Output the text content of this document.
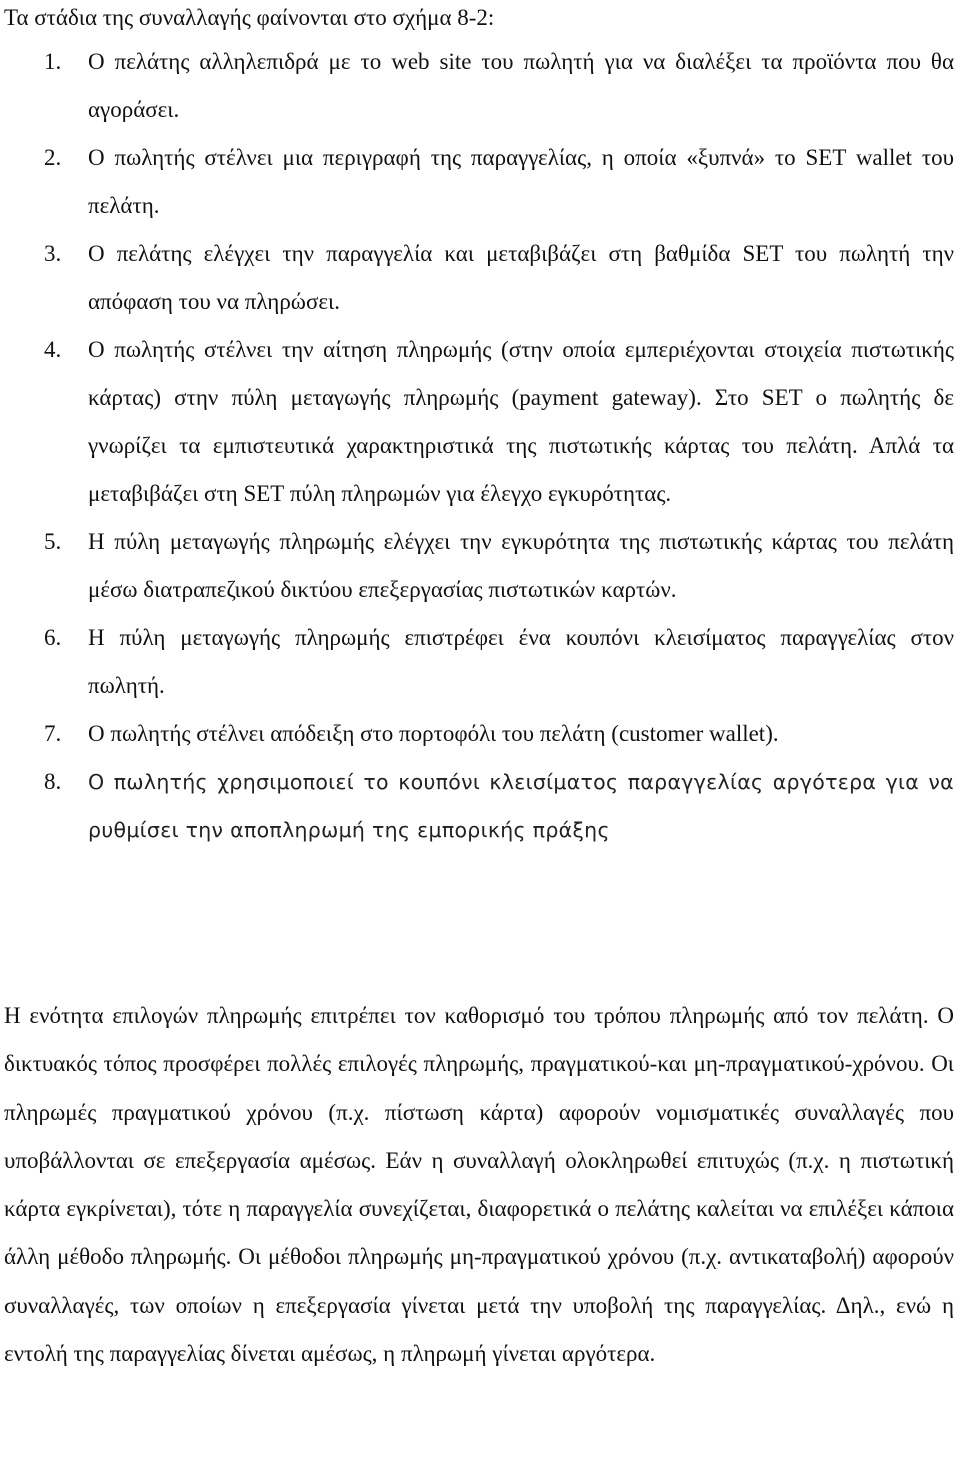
Τα στάδια της συναλλαγής φαίνονται στο σχήμα 8-2:
1.	Ο πελάτης αλληλεπιδρά με το web site του πωλητή για να διαλέξει τα προϊόντα που θα αγοράσει.
2.	Ο πωλητής στέλνει μια περιγραφή της παραγγελίας, η οποία «ξυπνά» το SET wallet του πελάτη.
3.	Ο πελάτης ελέγχει την παραγγελία και μεταβιβάζει στη βαθμίδα SET του πωλητή την απόφαση του να πληρώσει.
4.	Ο πωλητής στέλνει την αίτηση πληρωμής (στην οποία εμπεριέχονται στοιχεία πιστωτικής κάρτας) στην πύλη μεταγωγής πληρωμής (payment gateway). Στο SET ο πωλητής δε γνωρίζει τα εμπιστευτικά χαρακτηριστικά της πιστωτικής κάρτας του πελάτη. Απλά τα μεταβιβάζει στη SET πύλη πληρωμών για έλεγχο εγκυρότητας.
5.	Η πύλη μεταγωγής πληρωμής ελέγχει την εγκυρότητα της πιστωτικής κάρτας του πελάτη μέσω διατραπεζικού δικτύου επεξεργασίας πιστωτικών καρτών.
6.	Η πύλη μεταγωγής πληρωμής επιστρέφει ένα κουπόνι κλεισίματος παραγγελίας στον πωλητή.
7.	Ο πωλητής στέλνει απόδειξη στο πορτοφόλι του πελάτη (customer wallet).
8.	Ο πωλητής χρησιμοποιεί το κουπόνι κλεισίματος παραγγελίας αργότερα για να ρυθμίσει την αποπληρωμή της εμπορικής πράξης

Η ενότητα επιλογών πληρωμής επιτρέπει τον καθορισμό του τρόπου πληρωμής από τον πελάτη. Ο δικτυακός τόπος προσφέρει πολλές επιλογές πληρωμής, πραγματικού-και μη-πραγματικού-χρόνου. Οι πληρωμές πραγματικού χρόνου (π.χ. πίστωση κάρτα) αφορούν νομισματικές συναλλαγές που υποβάλλονται σε επεξεργασία αμέσως. Εάν η συναλλαγή ολοκληρωθεί επιτυχώς (π.χ. η πιστωτική κάρτα εγκρίνεται), τότε η παραγγελία συνεχίζεται, διαφορετικά ο πελάτης καλείται να επιλέξει κάποια άλλη μέθοδο πληρωμής. Οι μέθοδοι πληρωμής μη-πραγματικού χρόνου (π.χ. αντικαταβολή) αφορούν συναλλαγές, των οποίων η επεξεργασία γίνεται μετά την υποβολή της παραγγελίας. Δηλ., ενώ η εντολή της παραγγελίας δίνεται αμέσως, η πληρωμή γίνεται αργότερα.
